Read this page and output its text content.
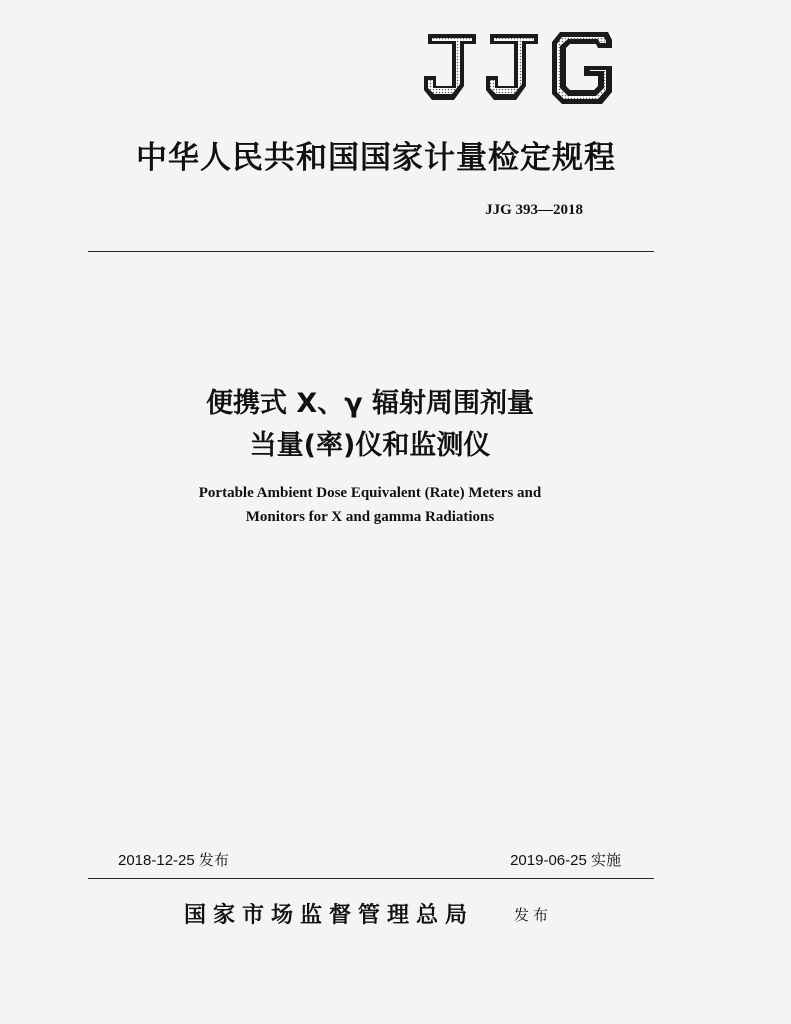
中华人民共和国国家计量检定规程
JJG 393—2018
便携式 X、γ 辐射周围剂量
当量(率)仪和监测仪
Portable Ambient Dose Equivalent (Rate) Meters and
Monitors for X and gamma Radiations
2018-12-25 发布	2019-06-25 实施
国家市场监督管理总局	发布
